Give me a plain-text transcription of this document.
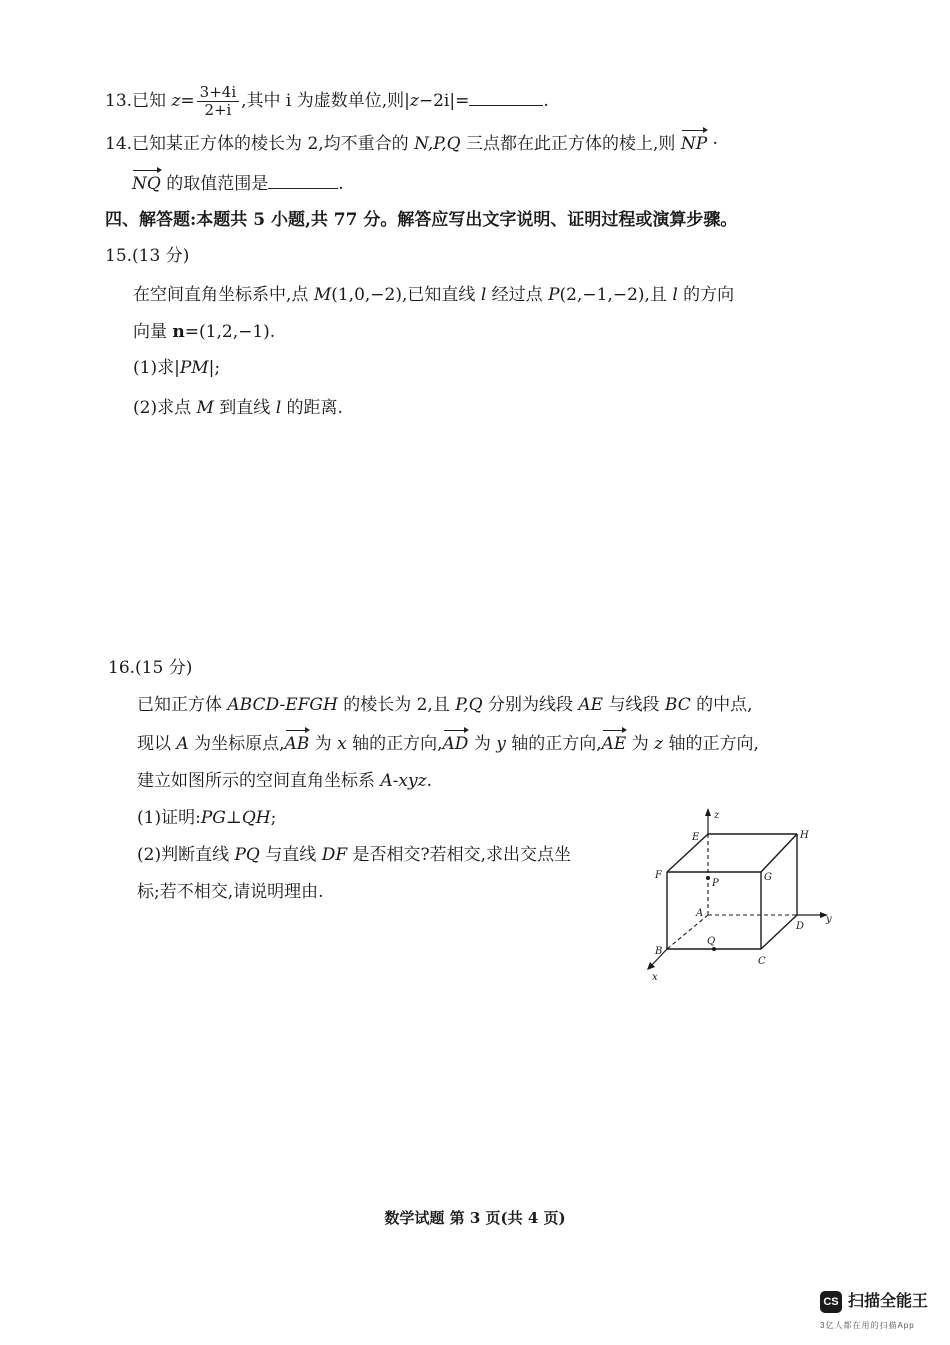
13.已知 $z= \frac{3+4i}{2+i}$ ,其中 i 为虚数单位,则|z−2i|=	.
14.已知某正方体的棱长为 2,均不重合的 N,P,Q 三点都在此正方体的棱上,则 NP ·
NQ 的取值范围是	.
四、解答题:本题共 5 小题,共 77 分。解答应写出文字说明、证明过程或演算步骤。
15.(13 分)
在空间直角坐标系中,点 M(1,0,−2),已知直线 l 经过点 P(2,−1,−2),且 l 的方向
向量 n=(1,2,−1).
(1)求|PM|;
(2)求点 M 到直线 l 的距离.
16.(15 分)
已知正方体 ABCD-EFGH 的棱长为 2,且 P,Q 分别为线段 AE 与线段 BC 的中点,
现以 A 为坐标原点,AB 为 x 轴的正方向,AD 为 y 轴的正方向,AE 为 z 轴的正方向,
建立如图所示的空间直角坐标系 A-xyz.
(1)证明:PG⊥QH;
(2)判断直线 PQ 与直线 DF 是否相交?若相交,求出交点坐
标;若不相交,请说明理由.
z
E	H
F	G
P
A
D
y
B
Q
C
x
数学试题 第 3 页(共 4 页)
CS 扫描全能王
3亿人都在用的扫描App
